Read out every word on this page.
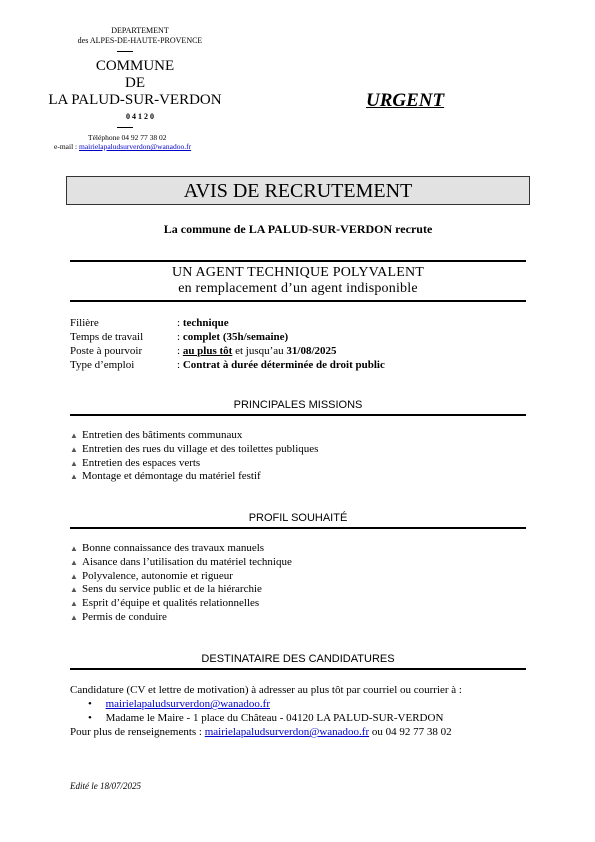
DEPARTEMENT
des ALPES-DE-HAUTE-PROVENCE
COMMUNE
DE
LA PALUD-SUR-VERDON
0 4 1 2 0
Téléphone 04 92 77 38 02
e-mail : mairielapaludsurverdon@wanadoo.fr
URGENT
AVIS DE RECRUTEMENT
La commune de LA PALUD-SUR-VERDON recrute
UN AGENT TECHNIQUE POLYVALENT
en remplacement d’un agent indisponible
Filière	: technique
Temps de travail	: complet (35h/semaine)
Poste à pourvoir	: au plus tôt et jusqu’au 31/08/2025
Type d’emploi	: Contrat à durée déterminée de droit public
PRINCIPALES MISSIONS
▲ Entretien des bâtiments communaux
▲ Entretien des rues du village et des toilettes publiques
▲ Entretien des espaces verts
▲ Montage et démontage du matériel festif
PROFIL SOUHAITÉ
▲ Bonne connaissance des travaux manuels
▲ Aisance dans l’utilisation du matériel technique
▲ Polyvalence, autonomie et rigueur
▲ Sens du service public et de la hiérarchie
▲ Esprit d’équipe et qualités relationnelles
▲ Permis de conduire
DESTINATAIRE DES CANDIDATURES
Candidature (CV et lettre de motivation) à adresser au plus tôt par courriel ou courrier à :
• mairielapaludsurverdon@wanadoo.fr
• Madame le Maire - 1 place du Château - 04120 LA PALUD-SUR-VERDON
Pour plus de renseignements : mairielapaludsurverdon@wanadoo.fr ou 04 92 77 38 02
Edité le 18/07/2025
